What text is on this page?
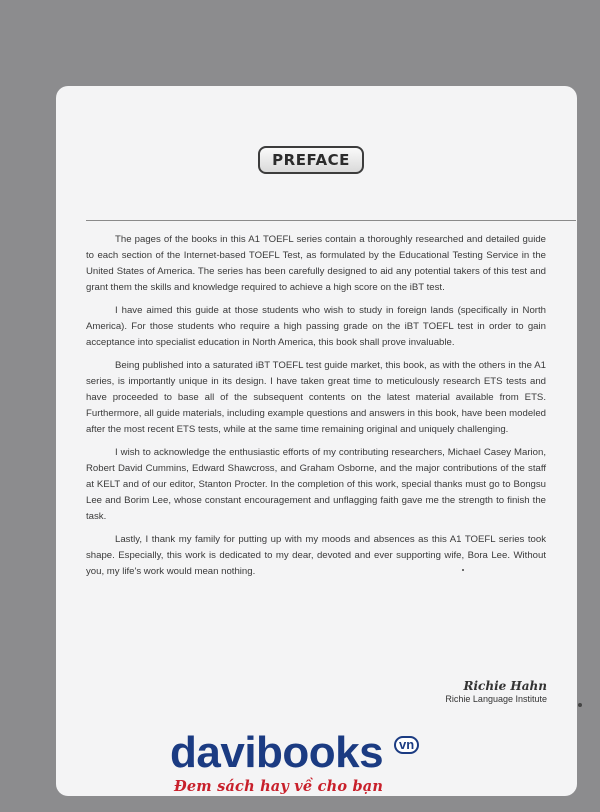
PREFACE

The pages of the books in this A1 TOEFL series contain a thoroughly researched and detailed guide to each section of the Internet-based TOEFL Test, as formulated by the Educational Testing Service in the United States of America. The series has been carefully designed to aid any potential takers of this test and grant them the skills and knowledge required to achieve a high score on the iBT test.

I have aimed this guide at those students who wish to study in foreign lands (specifically in North America). For those students who require a high passing grade on the iBT TOEFL test in order to gain acceptance into specialist education in North America, this book shall prove invaluable.

Being published into a saturated iBT TOEFL test guide market, this book, as with the others in the A1 series, is importantly unique in its design. I have taken great time to meticulously research ETS tests and have proceeded to base all of the subsequent contents on the latest material available from ETS. Furthermore, all guide materials, including example questions and answers in this book, have been modeled after the most recent ETS tests, while at the same time remaining original and uniquely challenging.

I wish to acknowledge the enthusiastic efforts of my contributing researchers, Michael Casey Marion, Robert David Cummins, Edward Shawcross, and Graham Osborne, and the major contributions of the staff at KELT and of our editor, Stanton Procter. In the completion of this work, special thanks must go to Bongsu Lee and Borim Lee, whose constant encouragement and unflagging faith gave me the strength to finish the task.

Lastly, I thank my family for putting up with my moods and absences as this A1 TOEFL series took shape. Especially, this work is dedicated to my dear, devoted and ever supporting wife, Bora Lee. Without you, my life's work would mean nothing.

Richie Hahn
Richie Language Institute
davibooks	vn
Đem sách hay về cho bạn
